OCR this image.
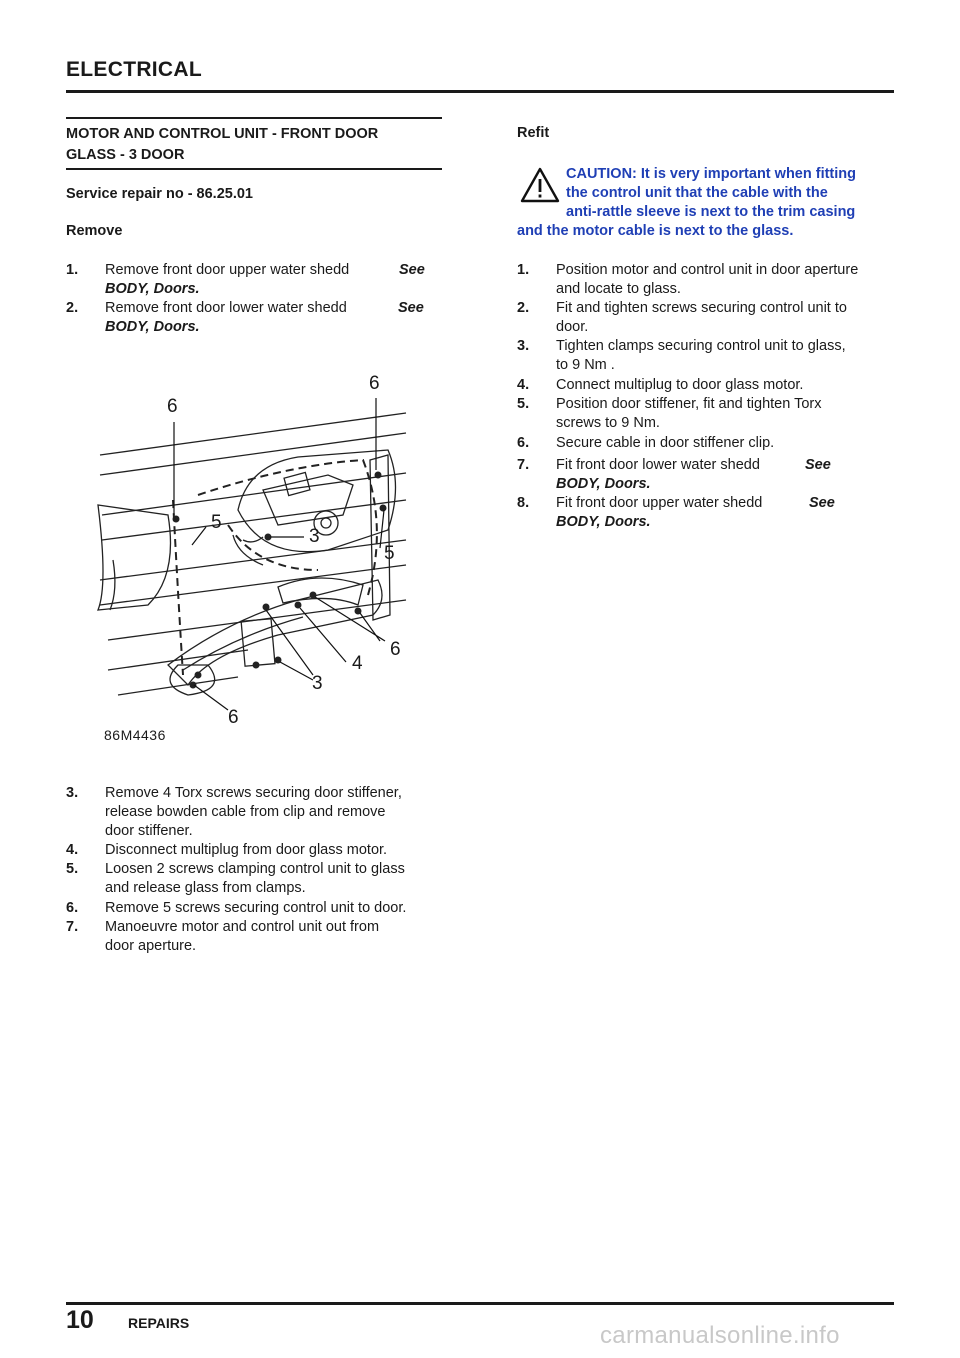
ELECTRICAL
MOTOR AND CONTROL UNIT - FRONT DOOR
GLASS - 3 DOOR
Service repair no - 86.25.01
Remove
1. Remove front door upper water shedd	See
BODY, Doors.
2. Remove front door lower water shedd	See
BODY, Doors.
6
6
5
3
5
6
4
3
6
86M4436
3. Remove 4 Torx screws securing door stiffener,
release bowden cable from clip and remove
door stiffener.
4. Disconnect multiplug from door glass motor.
5. Loosen 2 screws clamping control unit to glass
and release glass from clamps.
6. Remove 5 screws securing control unit to door.
7. Manoeuvre motor and control unit out from
door aperture.
Refit
CAUTION: It is very important when fitting
the control unit that the cable with the
anti-rattle sleeve is next to the trim casing
and the motor cable is next to the glass.
1. Position motor and control unit in door aperture
and locate to glass.
2. Fit and tighten screws securing control unit to
door.
3. Tighten clamps securing control unit to glass,
to 9 Nm .
4. Connect multiplug to door glass motor.
5. Position door stiffener, fit and tighten Torx
screws to 9 Nm.
6. Secure cable in door stiffener clip.
7. Fit front door lower water shedd	See
BODY, Doors.
8. Fit front door upper water shedd	See
BODY, Doors.
10 REPAIRS	carmanualsonline.info
